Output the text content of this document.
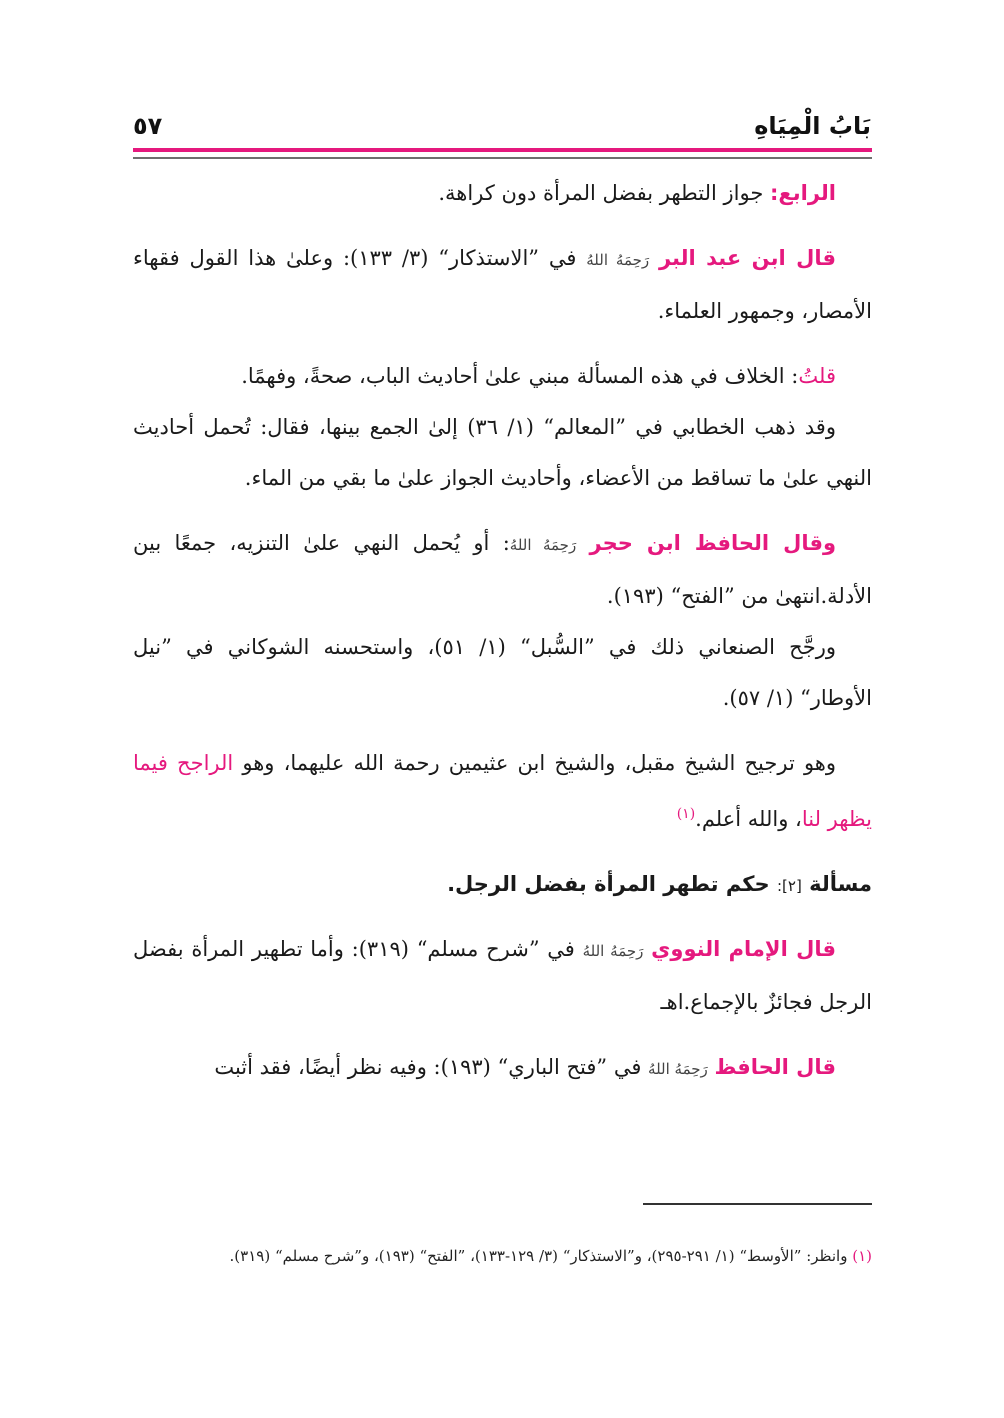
بَابُ الْمِيَاهِ
٥٧

الرابع: جواز التطهر بفضل المرأة دون كراهة.

قال ابن عبد البر رَحِمَهُ اللهُ في ”الاستذكار“ (٣/ ١٣٣): وعلىٰ هذا القول فقهاء الأمصار، وجمهور العلماء.

قلتُ: الخلاف في هذه المسألة مبني علىٰ أحاديث الباب، صحةً، وفهمًا.

وقد ذهب الخطابي في ”المعالم“ (١/ ٣٦) إلىٰ الجمع بينها، فقال: تُحمل أحاديث النهي علىٰ ما تساقط من الأعضاء، وأحاديث الجواز علىٰ ما بقي من الماء.

وقال الحافظ ابن حجر رَحِمَهُ اللهُ: أو يُحمل النهي علىٰ التنزيه، جمعًا بين الأدلة.انتهىٰ من ”الفتح“ (١٩٣).

ورجَّح الصنعاني ذلك في ”السُّبل“ (١/ ٥١)، واستحسنه الشوكاني في ”نيل الأوطار“ (١/ ٥٧).

وهو ترجيح الشيخ مقبل، والشيخ ابن عثيمين رحمة الله عليهما، وهو الراجح فيما يظهر لنا، والله أعلم.$^{(١)}$

مسألة [٢]: حكم تطهر المرأة بفضل الرجل.

قال الإمام النووي رَحِمَهُ اللهُ في ”شرح مسلم“ (٣١٩): وأما تطهير المرأة بفضل الرجل فجائزٌ بالإجماع.اهـ

قال الحافظ رَحِمَهُ اللهُ في ”فتح الباري“ (١٩٣): وفيه نظر أيضًا، فقد أثبت

(١) وانظر: ”الأوسط“ (١/ ٢٩١-٢٩٥)، و”الاستذكار“ (٣/ ١٢٩-١٣٣)، ”الفتح“ (١٩٣)، و”شرح مسلم“ (٣١٩).
